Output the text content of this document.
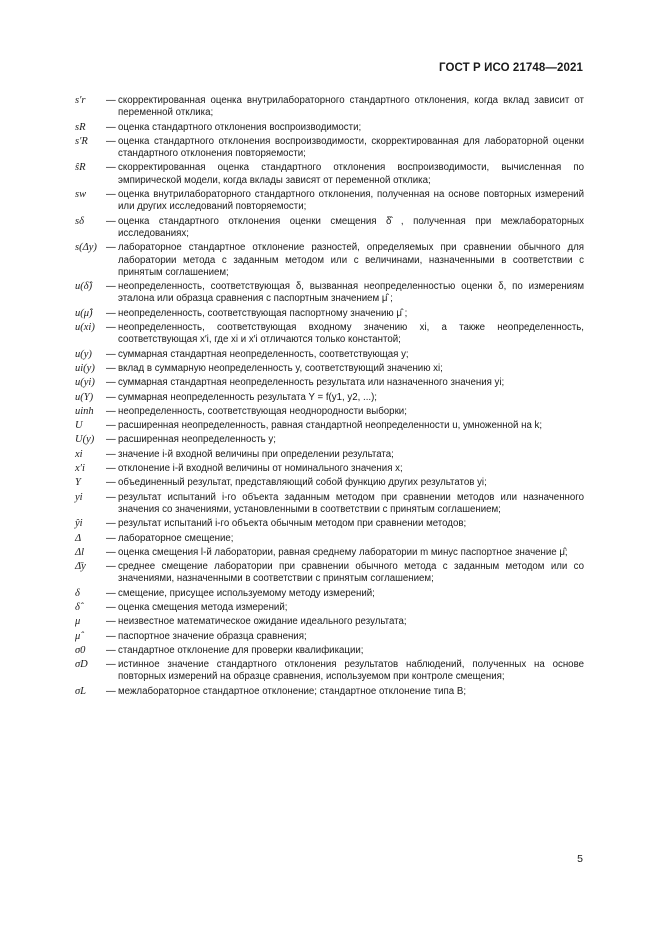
ГОСТ Р ИСО 21748—2021
s′r	— скорректированная оценка внутрилабораторного стандартного отклонения, когда вклад зависит от переменной отклика;
sR	— оценка стандартного отклонения воспроизводимости;
s′R	— оценка стандартного отклонения воспроизводимости, скорректированная для лабораторной оценки стандартного отклонения повторяемости;
ŝR	— скорректированная оценка стандартного отклонения воспроизводимости, вычисленная по эмпирической модели, когда вклады зависят от переменной отклика;
sw	— оценка внутрилабораторного стандартного отклонения, полученная на основе повторных измерений или других исследований повторяемости;
sδ	— оценка стандартного отклонения оценки смещения δ̂ , полученная при межлабораторных исследованиях;
s(Δy) — лабораторное стандартное отклонение разностей, определяемых при сравнении обычного для лаборатории метода с заданным методом или с величинами, назначенными в соответствии с принятым соглашением;
u(δ̂)	— неопределенность, соответствующая δ, вызванная неопределенностью оценки δ, по измерениям эталона или образца сравнения с паспортным значением μ̂ ;
u(μ̂)	— неопределенность, соответствующая паспортному значению μ̂ ;
u(xi)	— неопределенность, соответствующая входному значению xi, а также неопределенность, соответствующая x′i, где xi и x′i отличаются только константой;
u(y)	— суммарная стандартная неопределенность, соответствующая y;
ui(y)	— вклад в суммарную неопределенность y, соответствующий значению xi;
u(yi)	— суммарная стандартная неопределенность результата или назначенного значения yi;
u(Y)	— суммарная неопределенность результата Y = f(y1, y2, ...);
uinh	— неопределенность, соответствующая неоднородности выборки;
U	— расширенная неопределенность, равная стандартной неопределенности u, умноженной на k;
U(y)	— расширенная неопределенность y;
xi	— значение i-й входной величины при определении результата;
x′i	— отклонение i-й входной величины от номинального значения x;
Y	— объединенный результат, представляющий собой функцию других результатов yi;
yi	— результат испытаний i-го объекта заданным методом при сравнении методов или назначенного значения со значениями, установленными в соответствии с принятым соглашением;
ŷi	— результат испытаний i-го объекта обычным методом при сравнении методов;
Δ	— лабораторное смещение;
Δl	— оценка смещения l-й лаборатории, равная среднему лаборатории m минус паспортное значение μ̂;
Δ̄y	— среднее смещение лаборатории при сравнении обычного метода с заданным методом или со значениями, назначенными в соответствии с принятым соглашением;
δ	— смещение, присущее используемому методу измерений;
δ̂	— оценка смещения метода измерений;
μ	— неизвестное математическое ожидание идеального результата;
μ̂	— паспортное значение образца сравнения;
σ0	— стандартное отклонение для проверки квалификации;
σD	— истинное значение стандартного отклонения результатов наблюдений, полученных на основе повторных измерений на образце сравнения, используемом при контроле смещения;
σL	— межлабораторное стандартное отклонение; стандартное отклонение типа B;
5
